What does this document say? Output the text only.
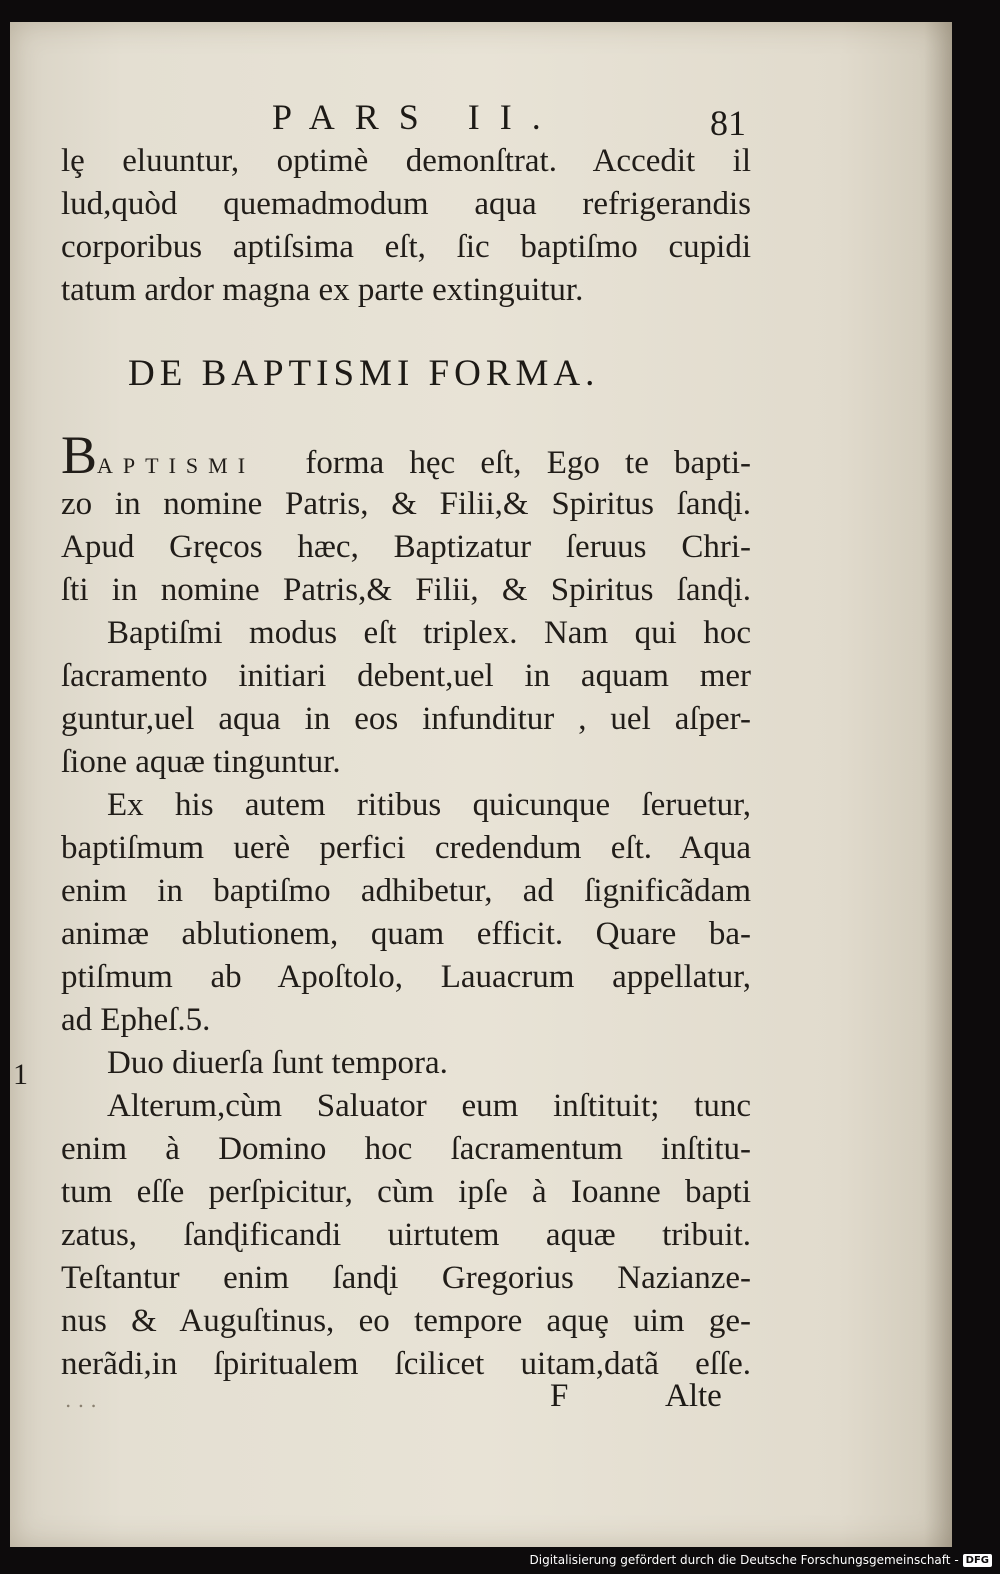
PARS II.	81
lȩ eluuntur, optimè demonſtrat. Accedit il
lud,quòd quemadmodum aqua refrigerandis
corporibus aptiſsima eſt, ſic baptiſmo cupidi
tatum ardor magna ex parte extinguitur.
DE BAPTISMI FORMA.
BAPTISMI forma hęc eſt, Ego te bapti-
zo in nomine Patris, & Filii,& Spiritus ſanɖi.
Apud Gręcos hæc, Baptizatur ſeruus Chri-
ſti in nomine Patris,& Filii, & Spiritus ſanɖi.
Baptiſmi modus eſt triplex. Nam qui hoc
ſacramento initiari debent,uel in aquam mer
guntur,uel aqua in eos infunditur , uel aſper-
ſione aquæ tinguntur.
Ex his autem ritibus quicunque ſeruetur,
baptiſmum uerè perfici credendum eſt. Aqua
enim in baptiſmo adhibetur, ad ſignificãdam
animæ ablutionem, quam efficit. Quare ba-
ptiſmum ab Apoſtolo, Lauacrum appellatur,
ad Epheſ.5.
Duo diuerſa ſunt tempora.
Alterum,cùm Saluator eum inſtituit; tunc
enim à Domino hoc ſacramentum inſtitu-
tum eſſe perſpicitur, cùm ipſe à Ioanne bapti
zatus, ſanɖificandi uirtutem aquæ tribuit.
Teſtantur enim ſanɖi Gregorius Nazianze-
nus & Auguſtinus, eo tempore aquȩ uim ge-
nerãdi,in ſpiritualem ſcilicet uitam,datã eſſe.
. . .	F	Alte
1
Digitalisierung gefördert durch die Deutsche Forschungsgemeinschaft - DFG
